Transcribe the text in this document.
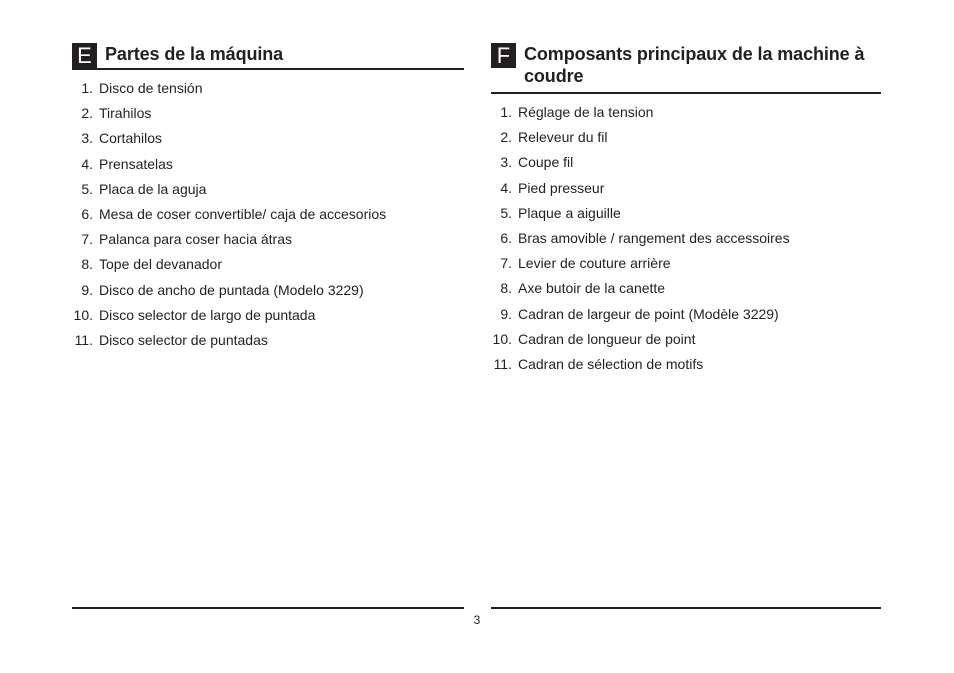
E Partes de la máquina
1. Disco de tensión
2. Tirahilos
3. Cortahilos
4. Prensatelas
5. Placa de la aguja
6. Mesa de coser convertible/ caja de accesorios
7. Palanca para coser hacia átras
8. Tope del devanador
9. Disco de ancho de puntada (Modelo 3229)
10. Disco selector de largo de puntada
11. Disco selector de puntadas
F Composants principaux de la machine à
coudre
1. Réglage de la tension
2. Releveur du fil
3. Coupe fil
4. Pied presseur
5. Plaque a aiguille
6. Bras amovible / rangement des accessoires
7. Levier de couture arrière
8. Axe butoir de la canette
9. Cadran de largeur de point (Modèle 3229)
10. Cadran de longueur de point
11. Cadran de sélection de motifs
3
